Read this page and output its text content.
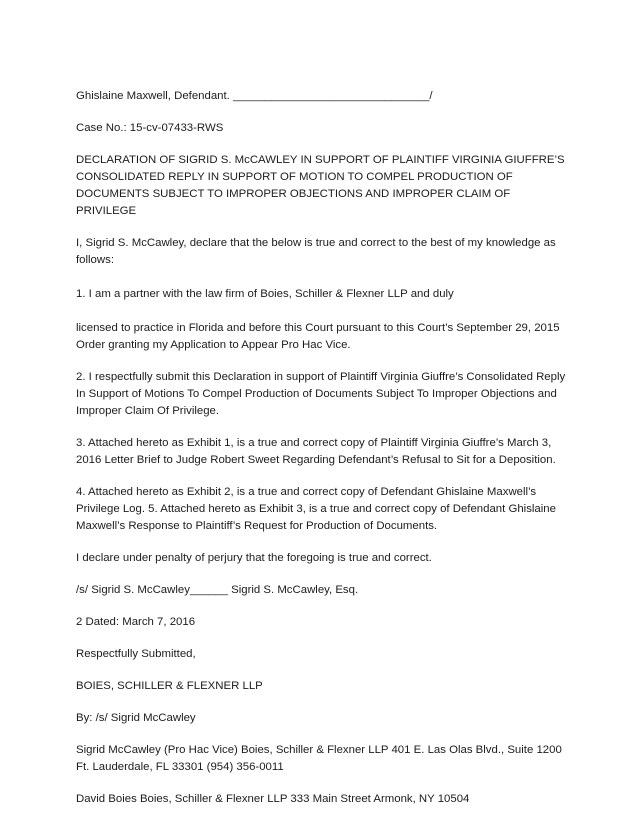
Ghislaine Maxwell, Defendant. _______________________________/

Case No.: 15-cv-07433-RWS

DECLARATION OF SIGRID S. McCAWLEY IN SUPPORT OF PLAINTIFF VIRGINIA GIUFFRE’S CONSOLIDATED REPLY IN SUPPORT OF MOTION TO COMPEL PRODUCTION OF DOCUMENTS SUBJECT TO IMPROPER OBJECTIONS AND IMPROPER CLAIM OF PRIVILEGE

I, Sigrid S. McCawley, declare that the below is true and correct to the best of my knowledge as follows:

1. I am a partner with the law firm of Boies, Schiller & Flexner LLP and duly

licensed to practice in Florida and before this Court pursuant to this Court’s September 29, 2015 Order granting my Application to Appear Pro Hac Vice.

2. I respectfully submit this Declaration in support of Plaintiff Virginia Giuffre’s Consolidated Reply In Support of Motions To Compel Production of Documents Subject To Improper Objections and Improper Claim Of Privilege.

3. Attached hereto as Exhibit 1, is a true and correct copy of Plaintiff Virginia Giuffre’s March 3, 2016 Letter Brief to Judge Robert Sweet Regarding Defendant’s Refusal to Sit for a Deposition.

4. Attached hereto as Exhibit 2, is a true and correct copy of Defendant Ghislaine Maxwell’s Privilege Log. 5. Attached hereto as Exhibit 3, is a true and correct copy of Defendant Ghislaine Maxwell’s Response to Plaintiff’s Request for Production of Documents.

I declare under penalty of perjury that the foregoing is true and correct.

/s/ Sigrid S. McCawley______ Sigrid S. McCawley, Esq.

2 Dated: March 7, 2016

Respectfully Submitted,

BOIES, SCHILLER & FLEXNER LLP

By: /s/ Sigrid McCawley

Sigrid McCawley (Pro Hac Vice) Boies, Schiller & Flexner LLP 401 E. Las Olas Blvd., Suite 1200 Ft. Lauderdale, FL 33301 (954) 356-0011

David Boies Boies, Schiller & Flexner LLP 333 Main Street Armonk, NY 10504
